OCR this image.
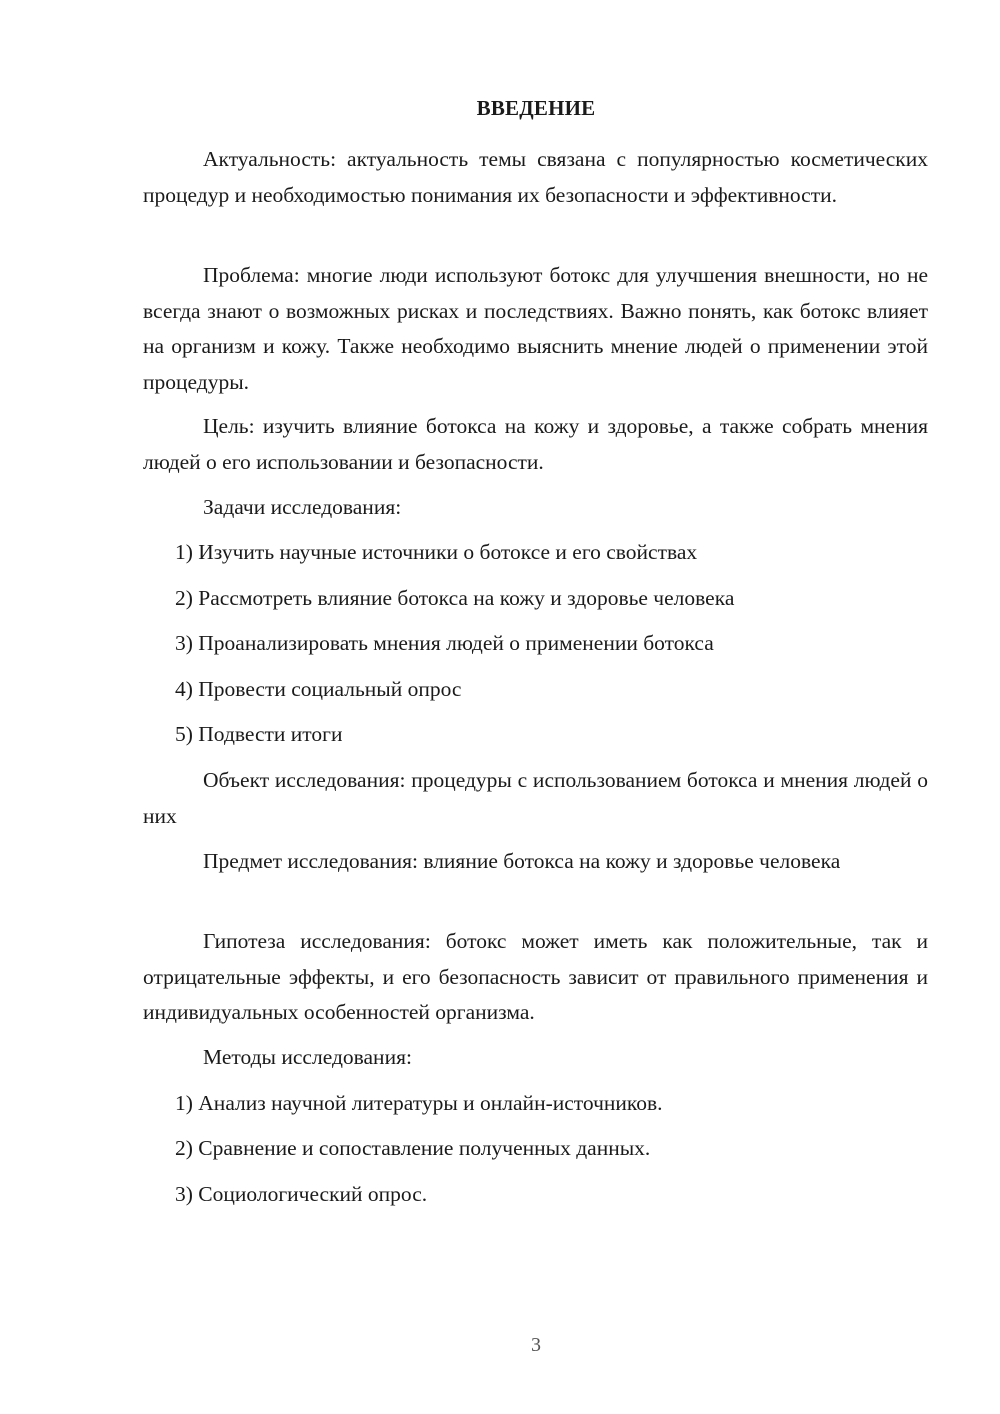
ВВЕДЕНИЕ
Актуальность: актуальность темы связана с популярностью косметических процедур и необходимостью понимания их безопасности и эффективности.
Проблема: многие люди используют ботокс для улучшения внешности, но не всегда знают о возможных рисках и последствиях. Важно понять, как ботокс влияет на организм и кожу. Также необходимо выяснить мнение людей о применении этой процедуры.
Цель: изучить влияние ботокса на кожу и здоровье, а также собрать мнения людей о его использовании и безопасности.
Задачи исследования:
1) Изучить научные источники о ботоксе и его свойствах
2) Рассмотреть влияние ботокса на кожу и здоровье человека
3) Проанализировать мнения людей о применении ботокса
4) Провести социальный опрос
5) Подвести итоги
Объект исследования: процедуры с использованием ботокса и мнения людей о них
Предмет исследования: влияние ботокса на кожу и здоровье человека
Гипотеза исследования: ботокс может иметь как положительные, так и отрицательные эффекты, и его безопасность зависит от правильного применения и индивидуальных особенностей организма.
Методы исследования:
1) Анализ научной литературы и онлайн-источников.
2) Сравнение и сопоставление полученных данных.
3) Социологический опрос.
3
